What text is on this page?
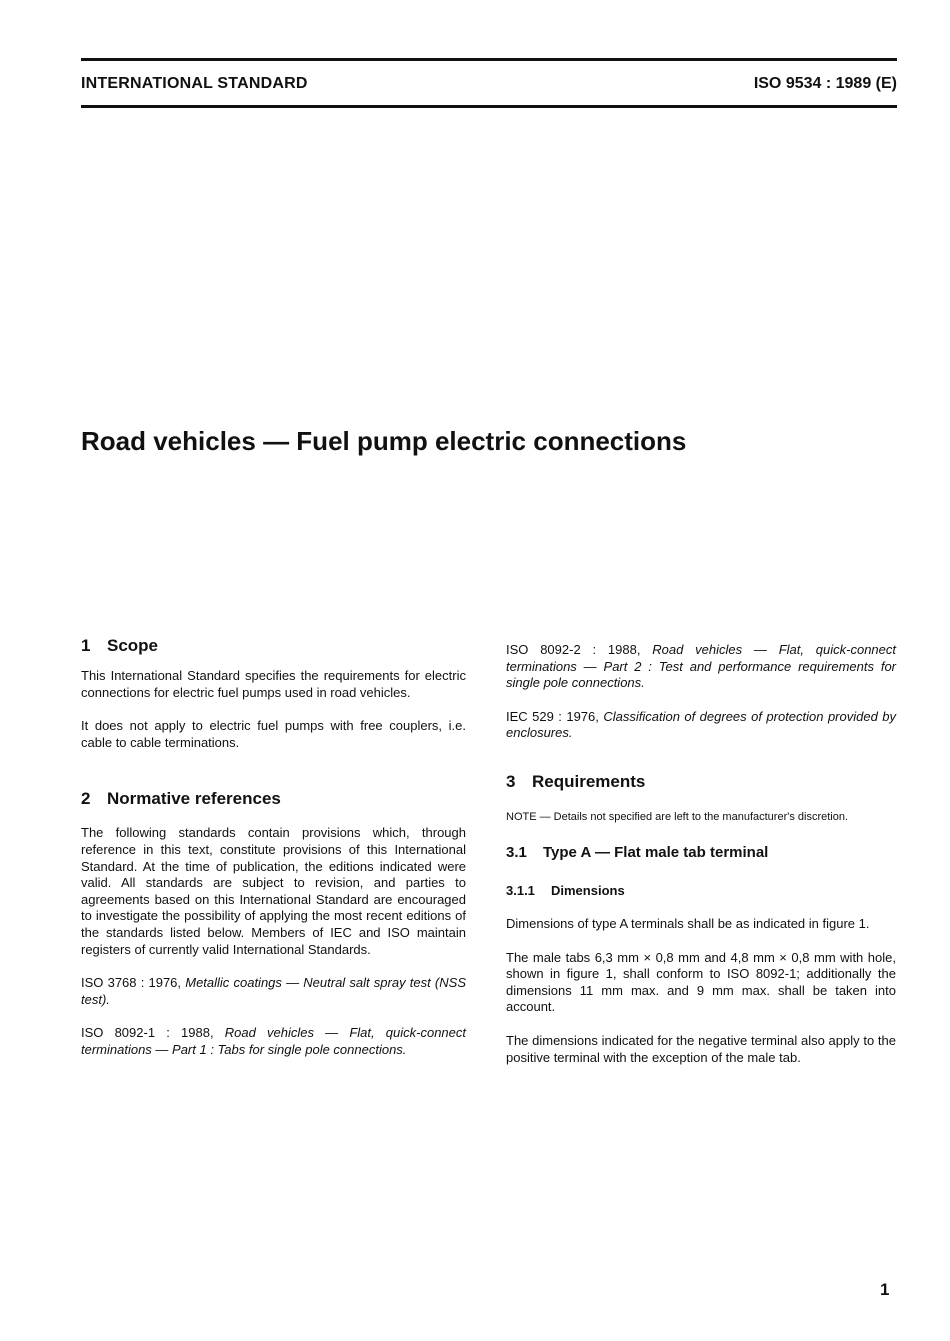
INTERNATIONAL STANDARD	ISO 9534 : 1989 (E)
Road vehicles — Fuel pump electric connections
1 Scope

This International Standard specifies the requirements for electric connections for electric fuel pumps used in road vehicles.

It does not apply to electric fuel pumps with free couplers, i.e. cable to cable terminations.

2 Normative references

The following standards contain provisions which, through reference in this text, constitute provisions of this International Standard. At the time of publication, the editions indicated were valid. All standards are subject to revision, and parties to agreements based on this International Standard are encouraged to investigate the possibility of applying the most recent editions of the standards listed below. Members of IEC and ISO maintain registers of currently valid International Standards.

ISO 3768 : 1976, Metallic coatings — Neutral salt spray test (NSS test).

ISO 8092-1 : 1988, Road vehicles — Flat, quick-connect terminations — Part 1 : Tabs for single pole connections.

ISO 8092-2 : 1988, Road vehicles — Flat, quick-connect terminations — Part 2 : Test and performance requirements for single pole connections.

IEC 529 : 1976, Classification of degrees of protection provided by enclosures.

3 Requirements

NOTE — Details not specified are left to the manufacturer's discretion.

3.1	Type A — Flat male tab terminal
3.1.1	Dimensions

Dimensions of type A terminals shall be as indicated in figure 1.

The male tabs 6,3 mm × 0,8 mm and 4,8 mm × 0,8 mm with hole, shown in figure 1, shall conform to ISO 8092-1; additionally the dimensions 11 mm max. and 9 mm max. shall be taken into account.

The dimensions indicated for the negative terminal also apply to the positive terminal with the exception of the male tab.

1
